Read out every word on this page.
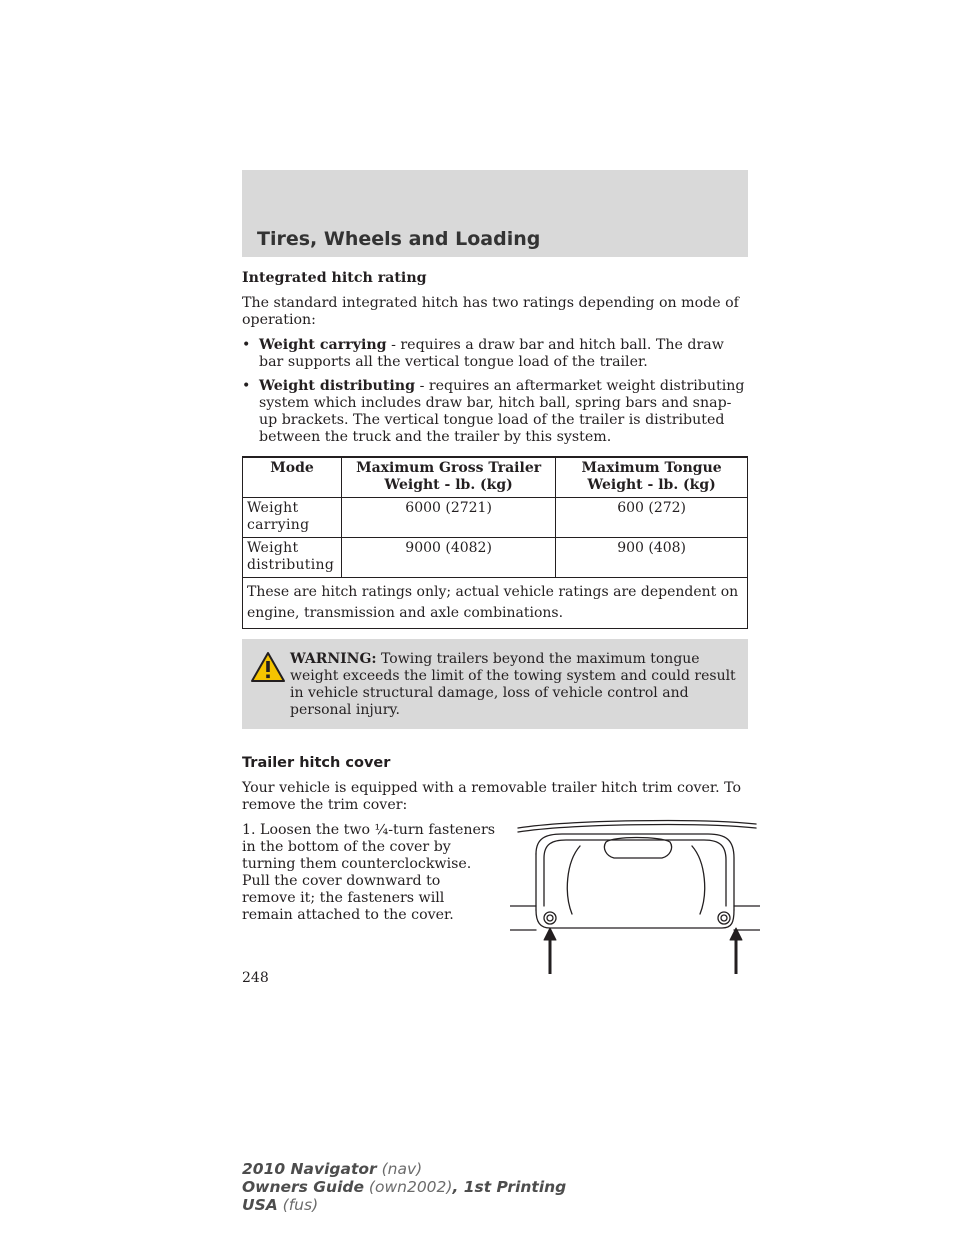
Tires, Wheels and Loading

Integrated hitch rating

The standard integrated hitch has two ratings depending on mode of operation:

• Weight carrying - requires a draw bar and hitch ball. The draw bar supports all the vertical tongue load of the trailer.
• Weight distributing - requires an aftermarket weight distributing system which includes draw bar, hitch ball, spring bars and snap-up brackets. The vertical tongue load of the trailer is distributed between the truck and the trailer by this system.
Mode	Maximum Gross Trailer Weight - lb. (kg)	Maximum Tongue Weight - lb. (kg)
Weight carrying	6000 (2721)	600 (272)
Weight distributing	9000 (4082)	900 (408)
These are hitch ratings only; actual vehicle ratings are dependent on engine, transmission and axle combinations.		
WARNING: Towing trailers beyond the maximum tongue weight exceeds the limit of the towing system and could result in vehicle structural damage, loss of vehicle control and personal injury.
Trailer hitch cover

Your vehicle is equipped with a removable trailer hitch trim cover. To remove the trim cover:

1. Loosen the two ¼-turn fasteners in the bottom of the cover by turning them counterclockwise. Pull the cover downward to remove it; the fasteners will remain attached to the cover.

248
2010 Navigator (nav)
Owners Guide (own2002), 1st Printing
USA (fus)
